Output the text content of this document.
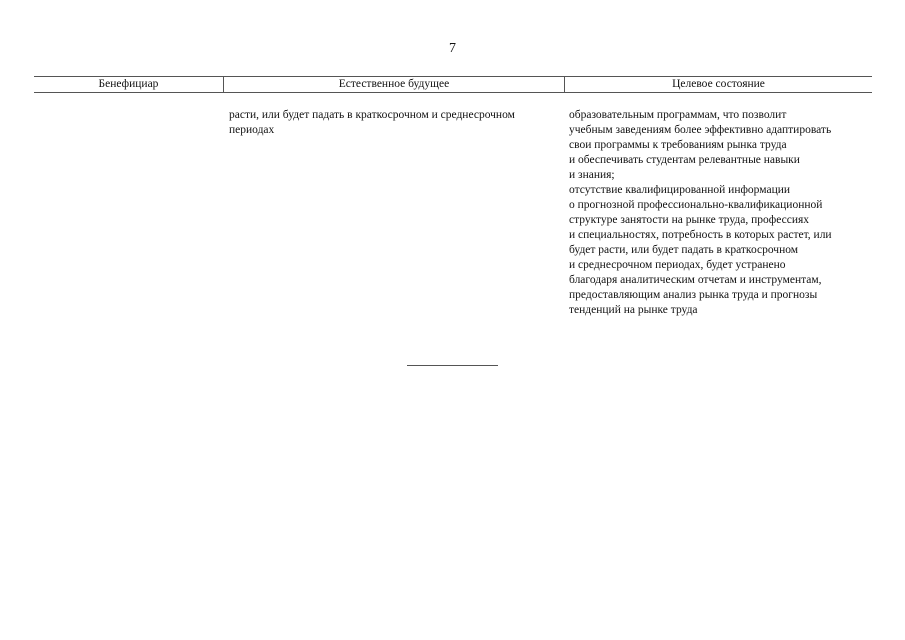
7
Бенефициар	Естественное будущее	Целевое состояние
расти, или будет падать в краткосрочном и среднесрочном
периодах
образовательным программам, что позволит
учебным заведениям более эффективно адаптировать
свои программы к требованиям рынка труда
и обеспечивать студентам релевантные навыки
и знания;
отсутствие квалифицированной информации
о прогнозной профессионально-квалификационной
структуре занятости на рынке труда, профессиях
и специальностях, потребность в которых растет, или
будет расти, или будет падать в краткосрочном
и среднесрочном периодах, будет устранено
благодаря аналитическим отчетам и инструментам,
предоставляющим анализ рынка труда и прогнозы
тенденций на рынке труда
